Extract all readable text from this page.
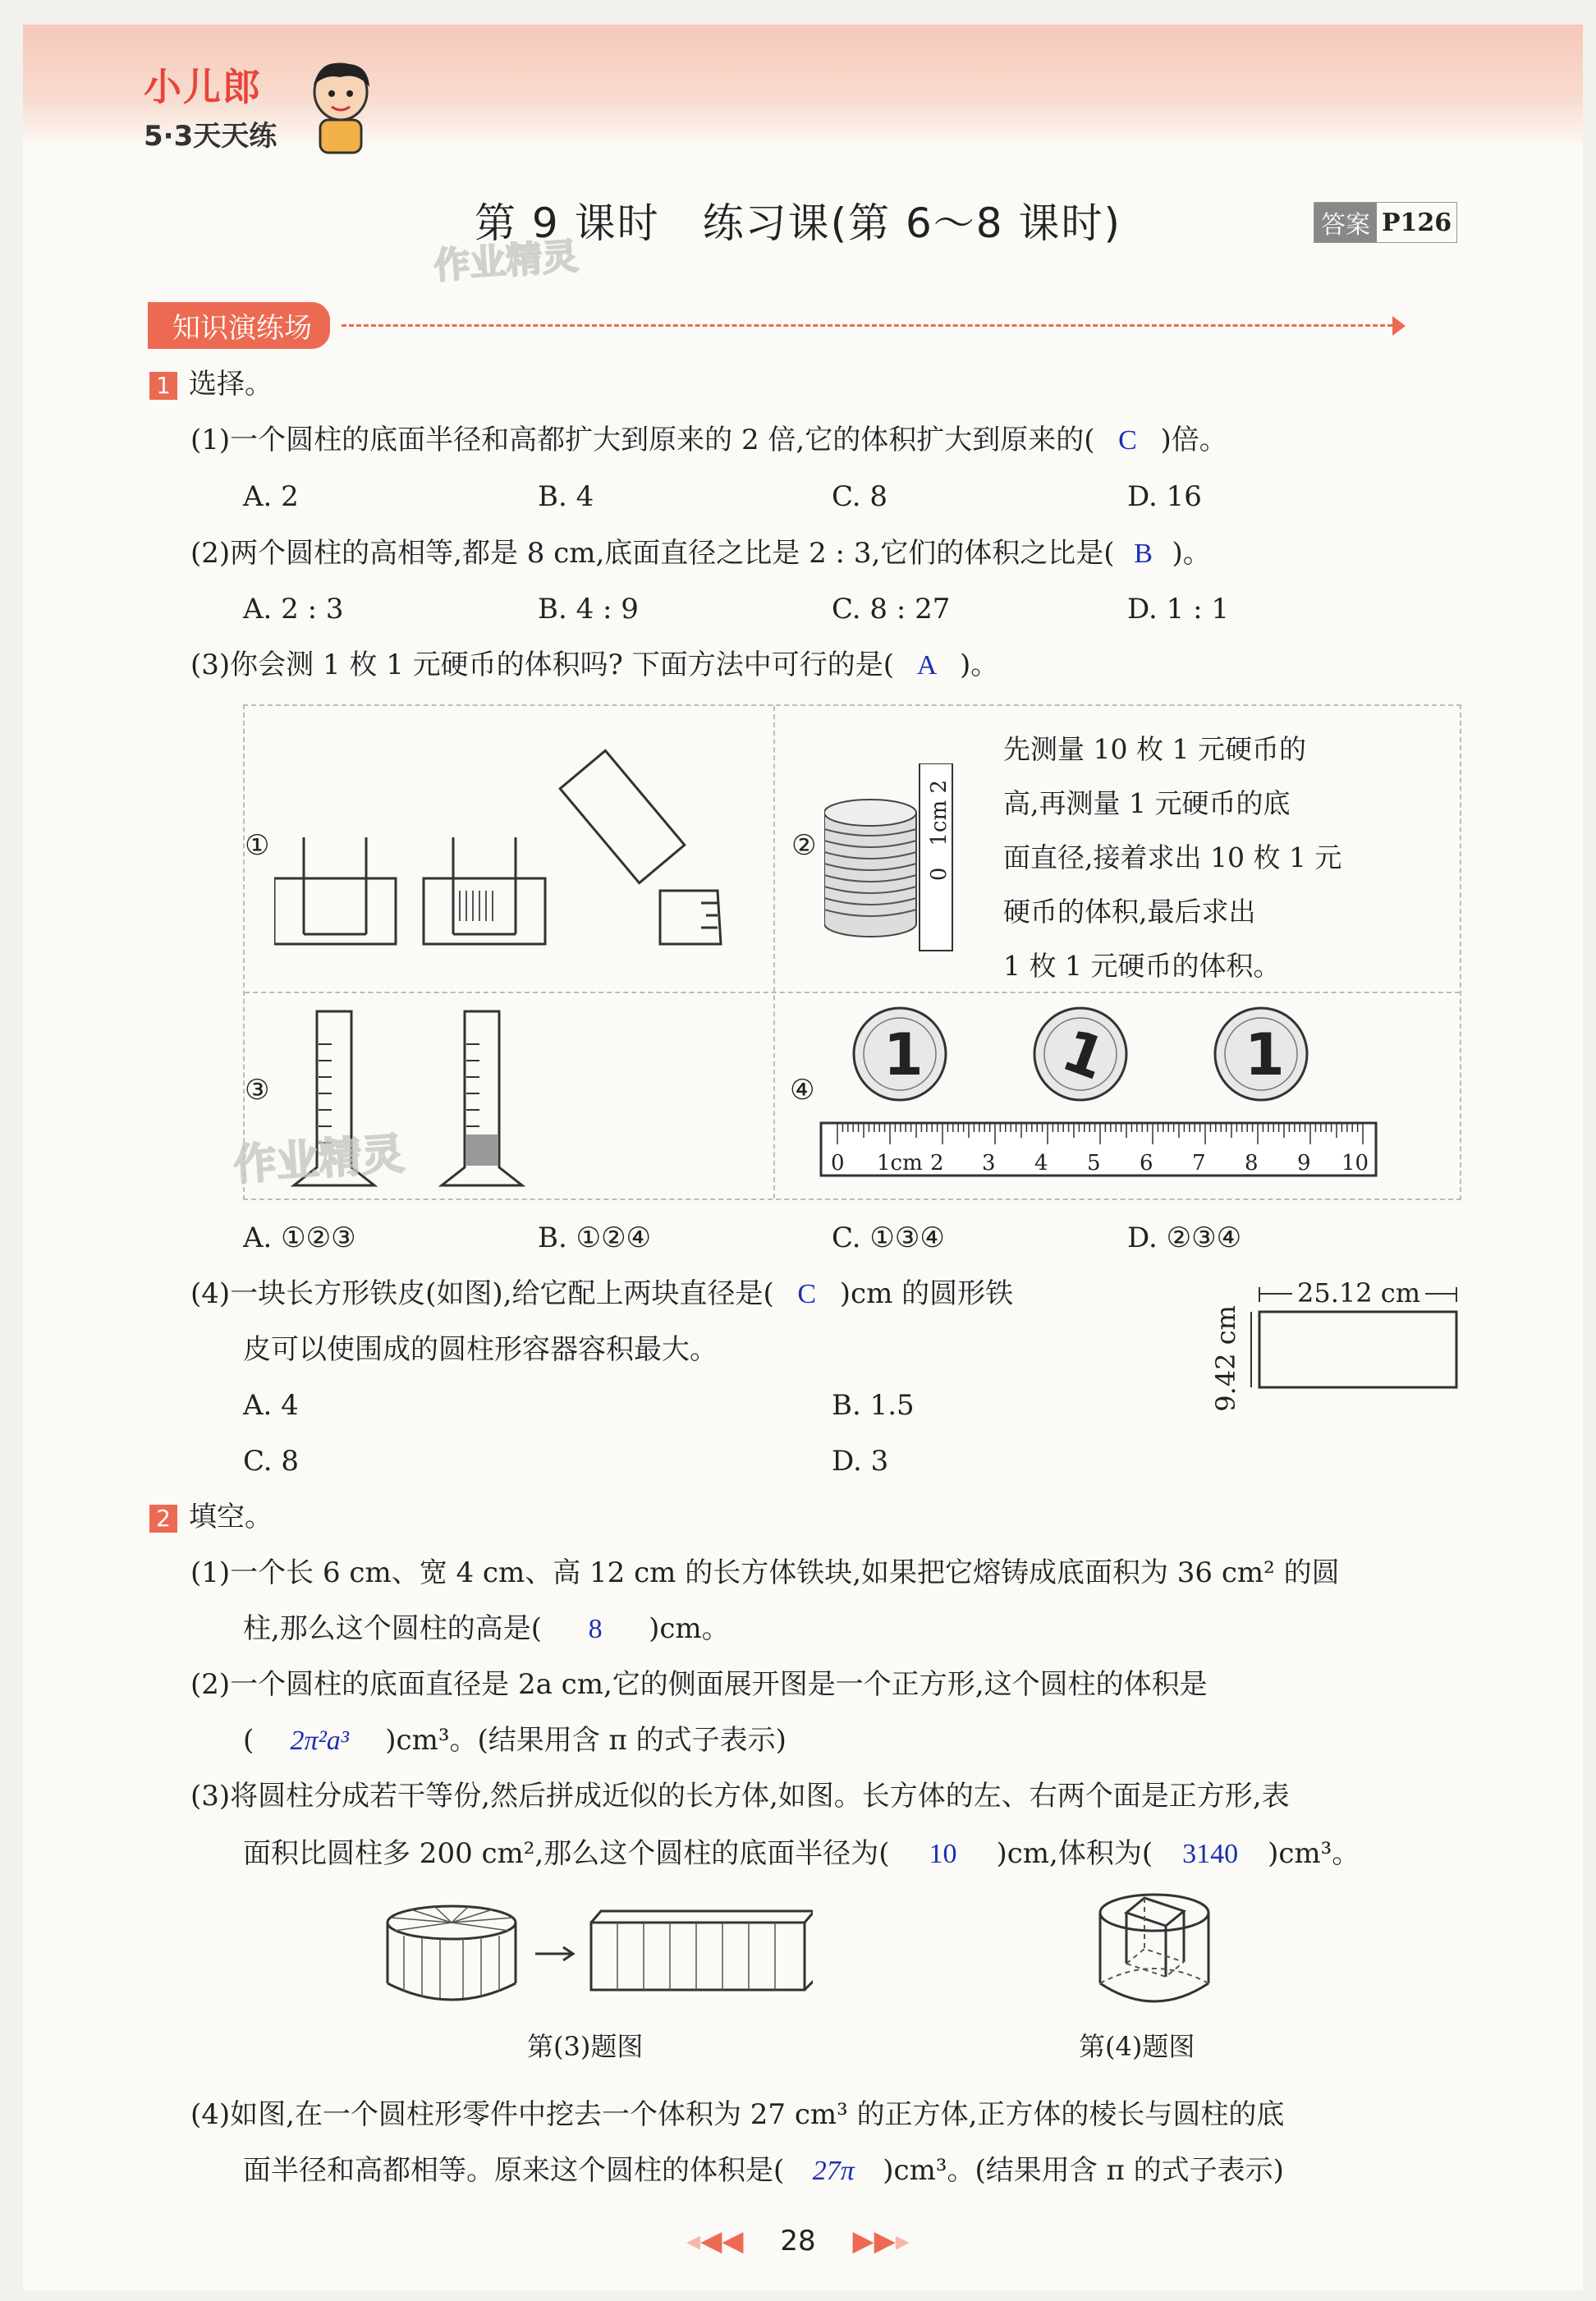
小儿郎
5·3天天练
第 9 课时　练习课(第 6～8 课时)
作业精灵
答案 P126
知识演练场
1 选择。
(1)一个圆柱的底面半径和高都扩大到原来的 2 倍,它的体积扩大到原来的( C )倍。
A. 2	B. 4	C. 8	D. 16
(2)两个圆柱的高相等,都是 8 cm,底面直径之比是 2 : 3,它们的体积之比是( B )。
A. 2 : 3	B. 4 : 9	C. 8 : 27	D. 1 : 1
(3)你会测 1 枚 1 元硬币的体积吗? 下面方法中可行的是( A )。
①	②	0　1cm 2
先测量 10 枚 1 元硬币的
高,再测量 1 元硬币的底
面直径,接着求出 10 枚 1 元
硬币的体积,最后求出
1 枚 1 元硬币的体积。
③
作业精灵
④
1 1 1
0 1cm 2 3 4 5 6 7 8 9 10
A. ①②③	B. ①②④	C. ①③④	D. ②③④
(4)一块长方形铁皮(如图),给它配上两块直径是( C )cm 的圆形铁
皮可以使围成的圆柱形容器容积最大。
25.12 cm
9.42 cm
A. 4	B. 1.5
C. 8	D. 3
2 填空。
(1)一个长 6 cm、宽 4 cm、高 12 cm 的长方体铁块,如果把它熔铸成底面积为 36 cm² 的圆
柱,那么这个圆柱的高是( 8 )cm。
(2)一个圆柱的底面直径是 2a cm,它的侧面展开图是一个正方形,这个圆柱的体积是
( 2π²a³ )cm³。(结果用含 π 的式子表示)
(3)将圆柱分成若干等份,然后拼成近似的长方体,如图。长方体的左、右两个面是正方形,表
面积比圆柱多 200 cm²,那么这个圆柱的底面半径为( 10 )cm,体积为( 3140 )cm³。
第(3)题图	第(4)题图
(4)如图,在一个圆柱形零件中挖去一个体积为 27 cm³ 的正方体,正方体的棱长与圆柱的底
面半径和高都相等。原来这个圆柱的体积是( 27π )cm³。(结果用含 π 的式子表示)
◂◀◀ 28 ▶▶▸
